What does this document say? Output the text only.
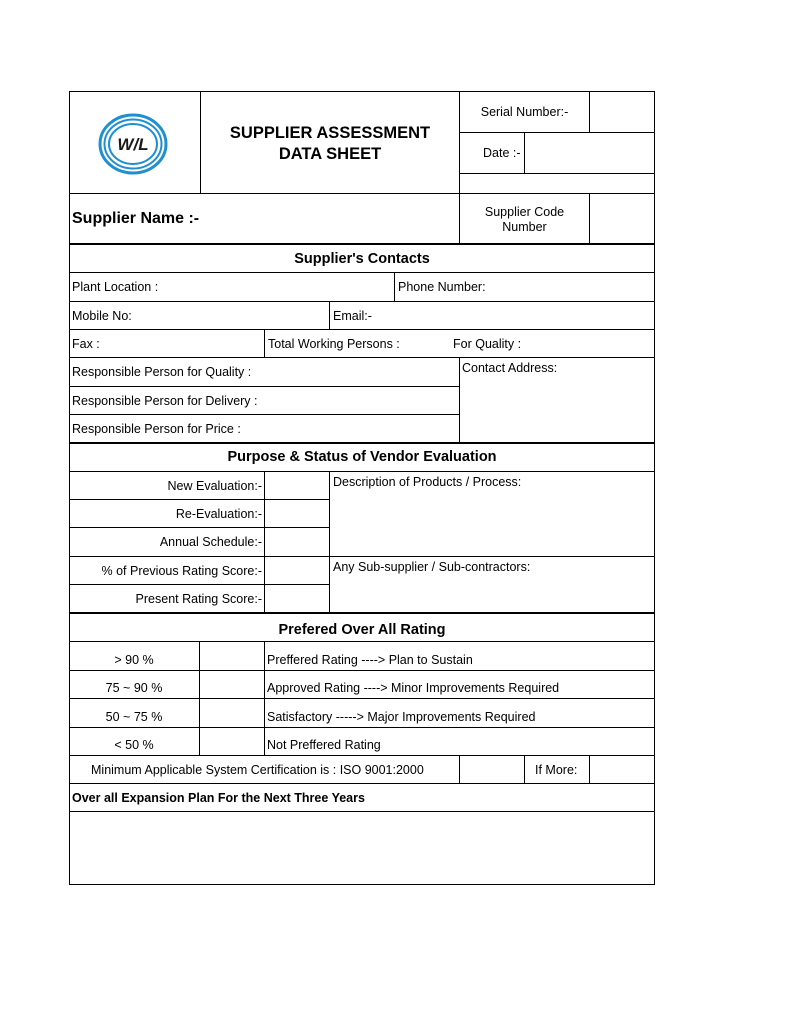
W/L
SUPPLIER ASSESSMENT
DATA SHEET
Serial Number:-
Date :-
Supplier Name :-	Supplier Code
Number
Supplier's Contacts
Plant Location :	Phone Number:
Mobile No:	Email:-
Fax :	Total Working Persons :	For Quality :
Contact Address:
Responsible Person for Quality :
Responsible Person for Delivery :
Responsible Person for Price :
Purpose & Status of Vendor Evaluation
New Evaluation:-
Re-Evaluation:-
Annual Schedule:-
% of Previous Rating Score:-
Present Rating Score:-
Description of Products / Process:
Any Sub-supplier / Sub-contractors:
Prefered Over All Rating
> 90 %	Preffered Rating ----> Plan to Sustain
75 ~ 90 %	Approved Rating ----> Minor Improvements Required
50 ~ 75 %	Satisfactory -----> Major Improvements Required
< 50 %	Not Preffered Rating
Minimum Applicable System Certification is : ISO 9001:2000	If More:
Over all Expansion Plan For the Next Three Years
